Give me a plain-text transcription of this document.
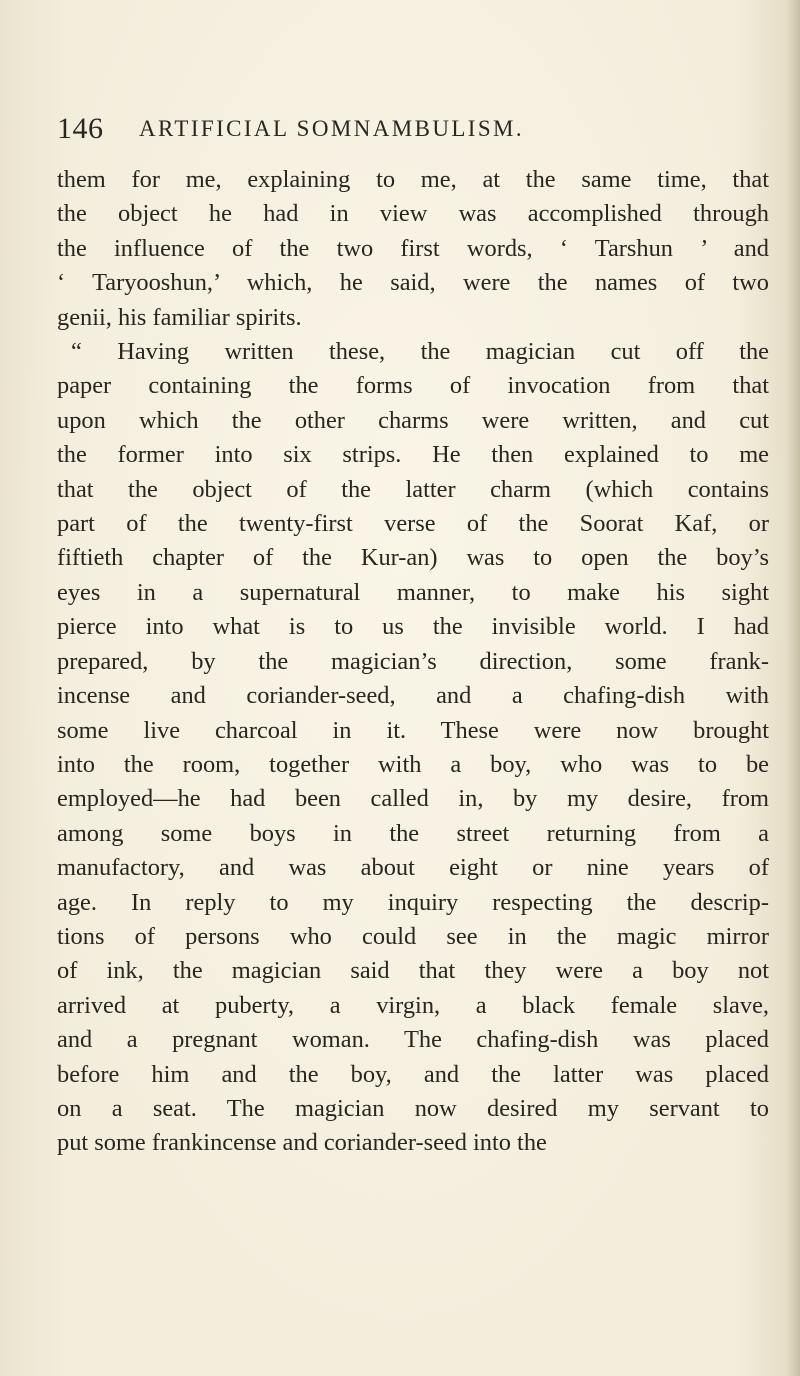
146 ARTIFICIAL SOMNAMBULISM.
them for me, explaining to me, at the same time, that
the object he had in view was accomplished through
the influence of the two first words, ‘ Tarshun ’ and
‘ Taryooshun,’ which, he said, were the names of two
genii, his familiar spirits.
“ Having written these, the magician cut off the
paper containing the forms of invocation from that
upon which the other charms were written, and cut
the former into six strips. He then explained to me
that the object of the latter charm (which contains
part of the twenty-first verse of the Soorat Kaf, or
fiftieth chapter of the Kur-an) was to open the boy’s
eyes in a supernatural manner, to make his sight
pierce into what is to us the invisible world. I had
prepared, by the magician’s direction, some frank-
incense and coriander-seed, and a chafing-dish with
some live charcoal in it. These were now brought
into the room, together with a boy, who was to be
employed—he had been called in, by my desire, from
among some boys in the street returning from a
manufactory, and was about eight or nine years of
age. In reply to my inquiry respecting the descrip-
tions of persons who could see in the magic mirror
of ink, the magician said that they were a boy not
arrived at puberty, a virgin, a black female slave,
and a pregnant woman. The chafing-dish was placed
before him and the boy, and the latter was placed
on a seat. The magician now desired my servant to
put some frankincense and coriander-seed into the
